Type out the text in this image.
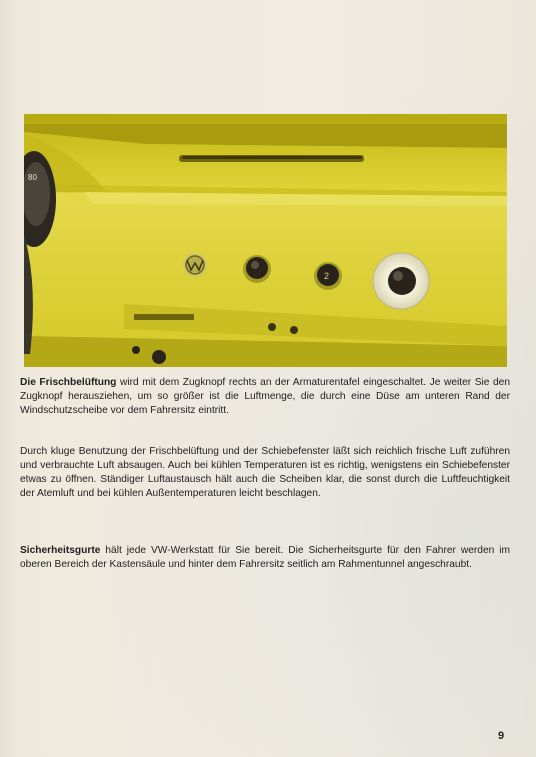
80
2

Die Frischbelüftung wird mit dem Zugknopf rechts an der Armaturentafel eingeschaltet. Je weiter Sie den Zugknopf herausziehen, um so größer ist die Luftmenge, die durch eine Düse am unteren Rand der Windschutzscheibe vor dem Fahrersitz eintritt.

Durch kluge Benutzung der Frischbelüftung und der Schiebefenster läßt sich reichlich frische Luft zuführen und verbrauchte Luft absaugen. Auch bei kühlen Temperaturen ist es richtig, wenigstens ein Schiebefenster etwas zu öffnen. Ständiger Luftaustausch hält auch die Scheiben klar, die sonst durch die Luftfeuchtigkeit der Atemluft und bei kühlen Außentemperaturen leicht beschlagen.

Sicherheitsgurte hält jede VW-Werkstatt für Sie bereit. Die Sicherheitsgurte für den Fahrer werden im oberen Bereich der Kastensäule und hinter dem Fahrersitz seitlich am Rahmentunnel angeschraubt.

9
